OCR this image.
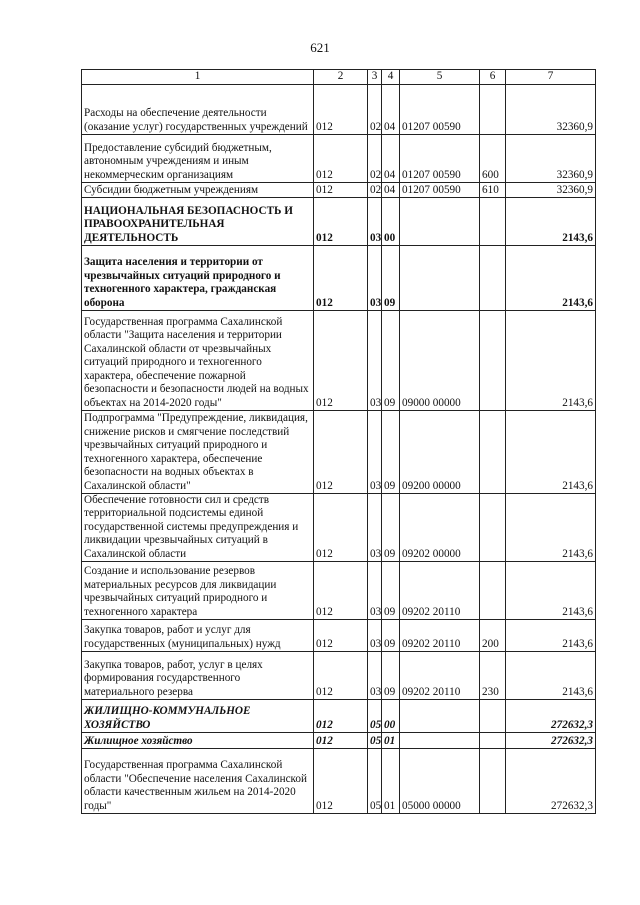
621
1	2	3	4	5	6	7
Расходы на обеспечение деятельности (оказание услуг) государственных учреждений	012	02	04	01207 00590		32360,9
Предоставление субсидий бюджетным, автономным учреждениям и иным некоммерческим организациям	012	02	04	01207 00590	600	32360,9
Субсидии бюджетным учреждениям	012	02	04	01207 00590	610	32360,9
НАЦИОНАЛЬНАЯ БЕЗОПАСНОСТЬ И ПРАВООХРАНИТЕЛЬНАЯ ДЕЯТЕЛЬНОСТЬ	012	03	00			2143,6
Защита населения и территории от чрезвычайных ситуаций природного и техногенного характера, гражданская оборона	012	03	09			2143,6
Государственная программа Сахалинской области "Защита населения и территории Сахалинской области от чрезвычайных ситуаций природного и техногенного характера, обеспечение пожарной безопасности и безопасности людей на водных объектах на 2014-2020 годы"	012	03	09	09000 00000		2143,6
Подпрограмма "Предупреждение, ликвидация, снижение рисков и смягчение последствий чрезвычайных ситуаций природного и техногенного характера, обеспечение безопасности на водных объектах в Сахалинской области"	012	03	09	09200 00000		2143,6
Обеспечение готовности сил и средств территориальной подсистемы единой государственной системы предупреждения и ликвидации чрезвычайных ситуаций в Сахалинской области	012	03	09	09202 00000		2143,6
Создание и использование резервов материальных ресурсов для ликвидации чрезвычайных ситуаций природного и техногенного характера	012	03	09	09202 20110		2143,6
Закупка товаров, работ и услуг для государственных (муниципальных) нужд	012	03	09	09202 20110	200	2143,6
Закупка товаров, работ, услуг в целях формирования государственного материального резерва	012	03	09	09202 20110	230	2143,6
ЖИЛИЩНО-КОММУНАЛЬНОЕ ХОЗЯЙСТВО	012	05	00			272632,3
Жилищное хозяйство	012	05	01			272632,3
Государственная программа Сахалинской области "Обеспечение населения Сахалинской области качественным жильем на 2014-2020 годы"	012	05	01	05000 00000		272632,3
